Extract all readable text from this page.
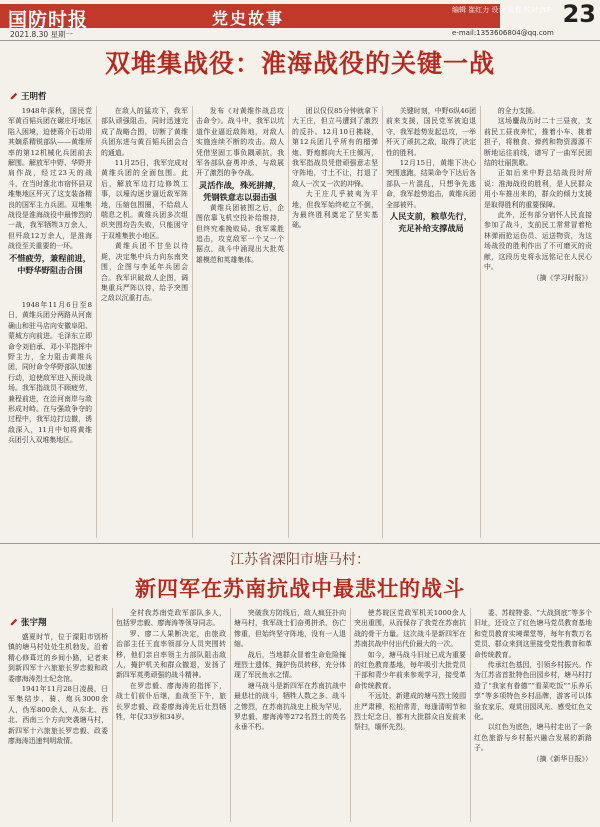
国防时报	党史故事	编辑 崔红力 设计 吴哲 校对 JY.F 23
2021.8.30 星期一	e-mail:1353606804@qq.com
双堆集战役：淮海战役的关键一战
王明哲

1948年深秋，国民党军黄百韬兵团在碾庄圩地区陷入困境，迫使蒋介石动用其嫡系精锐部队——黄维所率的第12机械化兵团前去解围。解放军中野、华野并肩作战，经过23天的战斗，在当时淮北市宿怀县双堆集地区歼灭了这支装备精良的国军主力兵团。双堆集战役是淮海战役中最惨烈的一战，我军牺牲3万余人，但歼敌12万余人，是淮海战役至关重要的一环。

不惜疲劳，兼程前进，中野华野阻击合围

1948年11月6日至8日，黄维兵团分两路从河南确山和驻马店向安徽阜阳、蒙城方向前进。毛泽东立即命令刘伯承、邓小平指挥中野主力，全力阻击黄维兵团，同时命令华野部队加速行动，迫使敌军进入预设战场。我军指战员不顾疲劳，兼程前进，在浍河南岸与敌形成对峙。在与强敌争夺的过程中，我军边打边撤，诱敌深入，11月中旬将黄维兵团引入双堆集地区。

在敌人的猛攻下，我军部队顽强阻击，同时迅速完成了战略合围，切断了黄维兵团东进与黄百韬兵团会合的通道。

11月25日，我军完成对黄维兵团的全面包围。此后，解放军边打边修筑工事，以壕沟逐步逼近敌军阵地，压缩包围圈，不给敌人喘息之机。黄维兵团多次组织突围均告失败，只能困守于双堆集狭小地区。

黄维兵团不甘坐以待毙，决定集中兵力向东南突围，企图与李延年兵团会合。我军识破敌人企图，调集重兵严阵以待，给予突围之敌以沉重打击。

发布《对黄维作战总攻击命令》。战斗中，我军以坑道作业逼近敌阵地，对敌人实施连续不断的攻击。敌人凭借坚固工事负隅顽抗，我军各部队奋勇冲杀，与敌展开了激烈的争夺战。

灵活作战，殊死拼搏，凭钢铁意志以弱击强

黄维兵团被围之后，企图依靠飞机空投补给维持，但终究难挽败局。我军乘胜追击，攻克敌军一个又一个据点，战斗中涌现出大批英雄模范和英雄集体。

团以仅仅85分钟就拿下大王庄，但立马遭到了激烈的反扑。12月10日拂晓，第12兵团几乎所有的榴弹炮、野炮都向大王庄倾泻，我军指战员凭借顽强意志坚守阵地，寸土不让，打退了敌人一次又一次的冲锋。

大王庄几乎被夷为平地，但我军始终屹立不倒，为最终胜利奠定了坚实基础。

关键时刻，中野6纵46团前来支援，国民党军被迫退守，我军趁势发起总攻，一举歼灭了顽抗之敌，取得了决定性的胜利。

12月15日，黄维下决心突围逃跑，结果命令下达后各部队一片混乱，只想争先逃命，我军趁势追击，黄维兵团全部被歼。

人民支前，粮草先行，充足补给支撑战局

的全力支援。

这场鏖战历时二十三昼夜，支前民工昼夜奔忙，推着小车、挑着担子，将粮食、弹药和物资源源不断地运往前线，谱写了一曲军民团结的壮丽凯歌。

正如后来中野总结战役时所说：淮海战役的胜利，是人民群众用小车推出来的，群众的倾力支援是取得胜利的重要保障。

此外，还有部分宿怀人民直接参加了战斗，支前民工常常冒着枪林弹雨抢运伤员、运送物资，为这场战役的胜利作出了不可磨灭的贡献，这段历史将永远铭记在人民心中。

（摘《学习时报》）

江苏省溧阳市塘马村：
新四军在苏南抗战中最悲壮的战斗
张宇翔

盛夏时节，位于溧阳市别桥镇的塘马村处处生机勃发。沿着精心修葺过的乡间小路，记者来到新四军十六旅旅长罗忠毅和政委廖海涛烈士纪念馆。

1941年11月28日凌晨，日军集结步、骑、炮兵3000余人，伪军800余人，从东北、西北、西南三个方向突袭塘马村，新四军十六旅旅长罗忠毅、政委廖海涛迅速判明敌情。

全村我苏南党政军部队多人，包括罗忠毅、廖海涛等领导同志。

罗、廖二人果断决定，由旅政治部主任王直率领部分人员突围转移，他们亲自率领主力部队阻击敌人，掩护机关和群众撤退，发扬了新四军英勇顽强的战斗精神。

在罗忠毅、廖海涛的指挥下，战士们前仆后继，血战至下午，旅长罗忠毅、政委廖海涛先后壮烈牺牲，年仅33岁和34岁。

突破我方防线后，敌人疯狂扑向塘马村，我军战士们奋勇拼杀，伤亡惨重，但始终坚守阵地，没有一人退缩。

战后，当地群众冒着生命危险掩埋烈士遗体，掩护伤员转移，充分体现了军民鱼水之情。

塘马战斗是新四军在苏南抗战中最悲壮的战斗，牺牲人数之多、战斗之惨烈，在苏南抗战史上极为罕见，罗忠毅、廖海涛等272名烈士的英名永垂不朽。

使苏皖区党政军机关1000余人突出重围，从而保存了我党在苏南抗战的骨干力量。这次战斗是新四军在苏南抗战中付出代价最大的一次。

如今，塘马战斗旧址已成为重要的红色教育基地，每年吸引大批党员干部和青少年前来参观学习，接受革命传统教育。

不远处，新建成的塘马烈士陵园庄严肃穆，松柏常青，每逢清明节和烈士纪念日，都有大批群众自发前来祭扫，缅怀先烈。

委、苏皖特委、“大战到底”等多个旧址，还设立了红色塘马党员教育基地和党员教育实境课堂等，每年有数万名党员、群众来到这里接受党性教育和革命传统教育。

传承红色基因，引领乡村振兴。作为江苏省首批特色田园乡村，塘马村打造了“我家有眷德”“看菜吃饭”“乐养乐享”等多项特色乡村品牌，游客可以体验农家乐、观赏田园风光、感受红色文化。

以红色为底色，塘马村走出了一条红色旅游与乡村振兴融合发展的新路子。

（摘《新华日报》）
